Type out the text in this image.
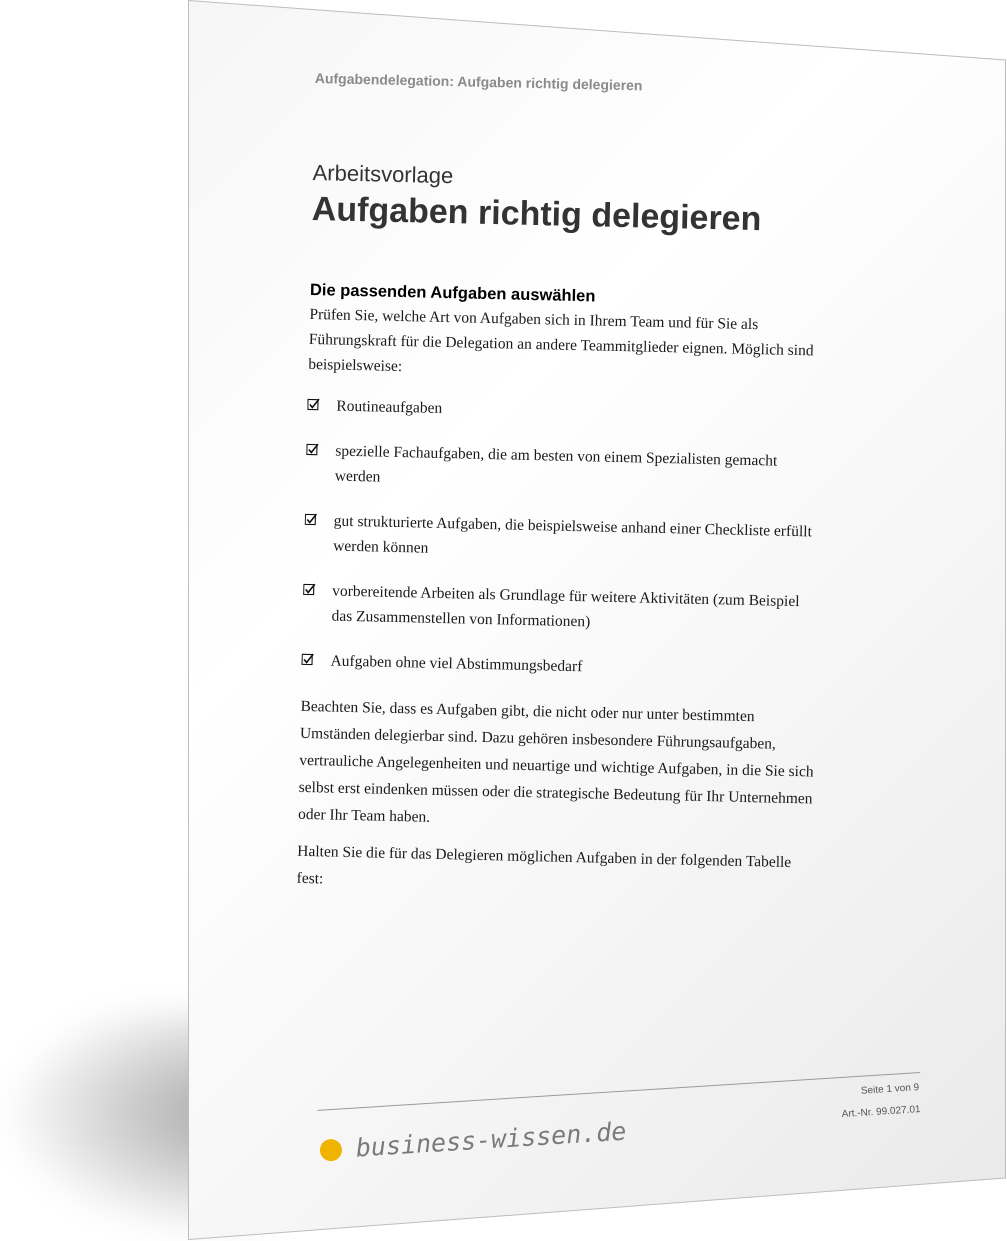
Aufgabendelegation: Aufgaben richtig delegieren
Arbeitsvorlage
Aufgaben richtig delegieren
Die passenden Aufgaben auswählen
Prüfen Sie, welche Art von Aufgaben sich in Ihrem Team und für Sie als Führungskraft für die Delegation an andere Teammitglieder eignen. Möglich sind beispielsweise:
Routineaufgaben
spezielle Fachaufgaben, die am besten von einem Spezialisten gemacht werden
gut strukturierte Aufgaben, die beispielsweise anhand einer Checkliste erfüllt werden können
vorbereitende Arbeiten als Grundlage für weitere Aktivitäten (zum Beispiel das Zusammenstellen von Informationen)
Aufgaben ohne viel Abstimmungsbedarf
Beachten Sie, dass es Aufgaben gibt, die nicht oder nur unter bestimmten Umständen delegierbar sind. Dazu gehören insbesondere Führungsaufgaben, vertrauliche Angelegenheiten und neuartige und wichtige Aufgaben, in die Sie sich selbst erst eindenken müssen oder die strategische Bedeutung für Ihr Unternehmen oder Ihr Team haben.
Halten Sie die für das Delegieren möglichen Aufgaben in der folgenden Tabelle fest:
Seite 1 von 9
Art.-Nr. 99.027.01
business-wissen.de
